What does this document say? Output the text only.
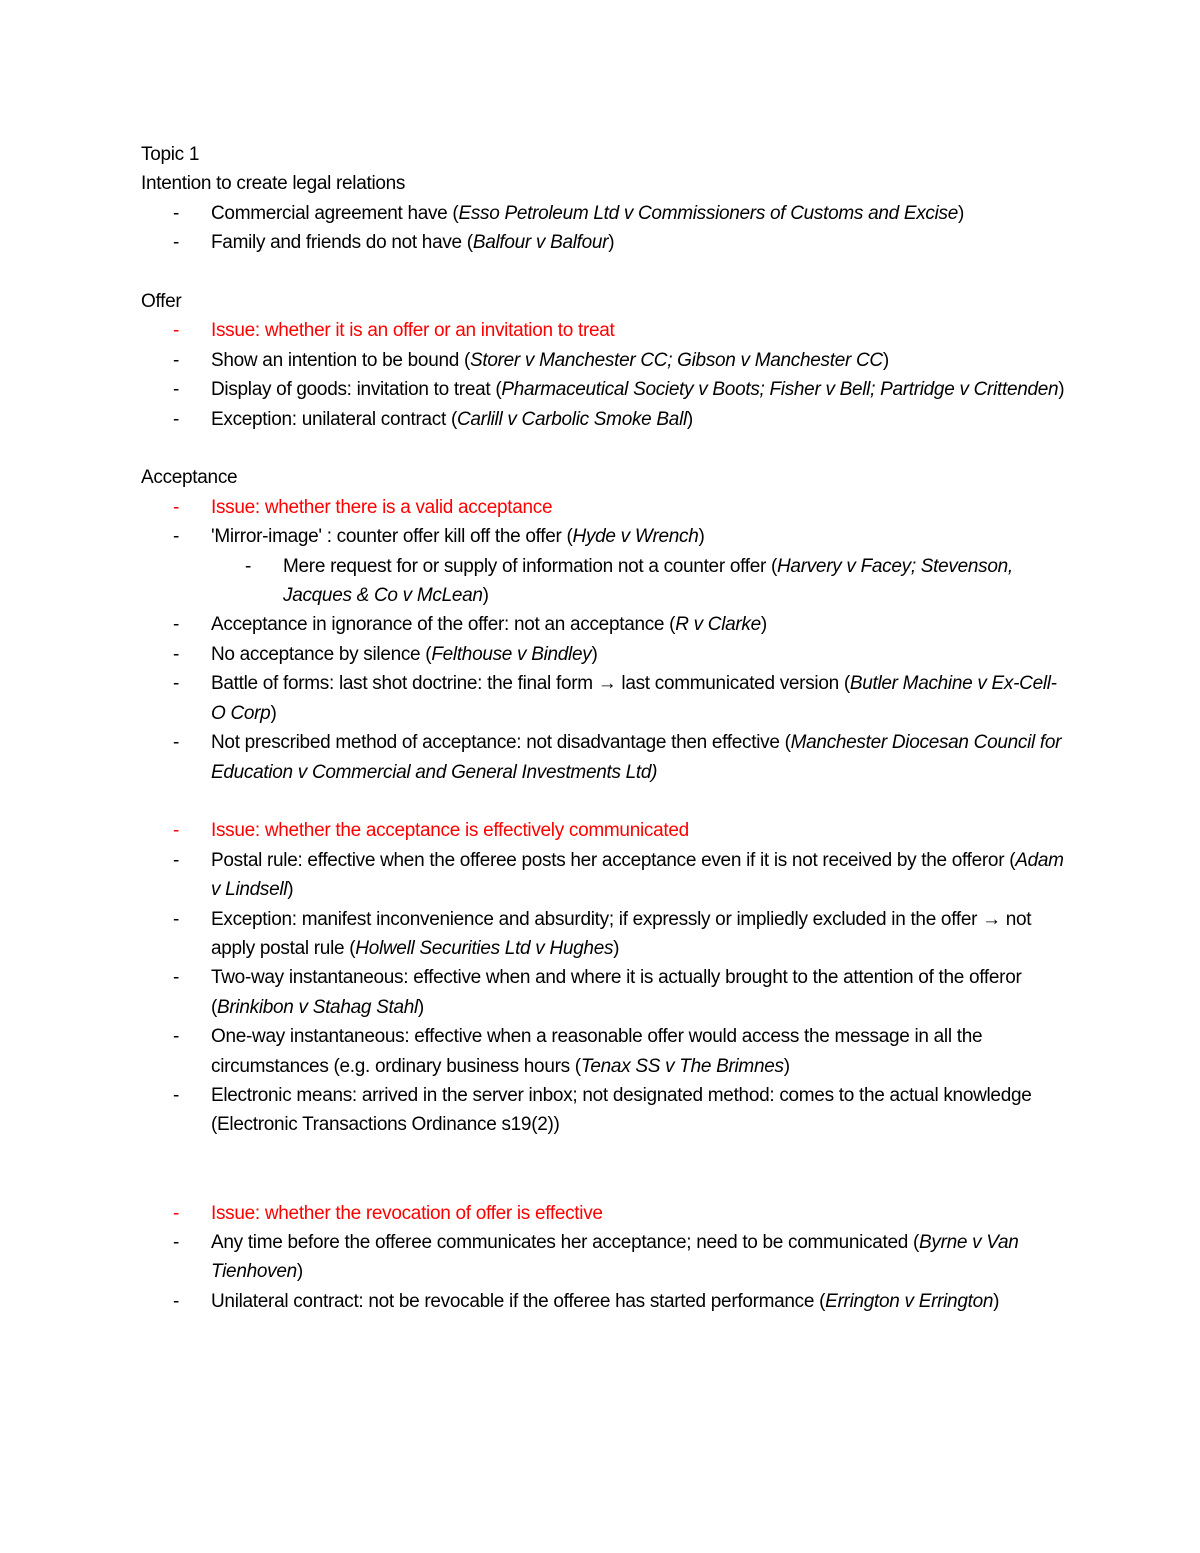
Topic 1

Intention to create legal relations

- Commercial agreement have (Esso Petroleum Ltd v Commissioners of Customs and Excise)
- Family and friends do not have (Balfour v Balfour)

Offer

- Issue: whether it is an offer or an invitation to treat
- Show an intention to be bound (Storer v Manchester CC; Gibson v Manchester CC)
- Display of goods: invitation to treat (Pharmaceutical Society v Boots; Fisher v Bell; Partridge v Crittenden)
- Exception: unilateral contract (Carlill v Carbolic Smoke Ball)

Acceptance

- Issue: whether there is a valid acceptance
- 'Mirror-image' : counter offer kill off the offer (Hyde v Wrench)
- Mere request for or supply of information not a counter offer (Harvery v Facey; Stevenson, Jacques & Co v McLean)
- Acceptance in ignorance of the offer: not an acceptance (R v Clarke)
- No acceptance by silence (Felthouse v Bindley)
- Battle of forms: last shot doctrine: the final form → last communicated version (Butler Machine v Ex-Cell-O Corp)
- Not prescribed method of acceptance: not disadvantage then effective (Manchester Diocesan Council for Education v Commercial and General Investments Ltd)
- Issue: whether the acceptance is effectively communicated
- Postal rule: effective when the offeree posts her acceptance even if it is not received by the offeror (Adam v Lindsell)
- Exception: manifest inconvenience and absurdity; if expressly or impliedly excluded in the offer → not apply postal rule (Holwell Securities Ltd v Hughes)
- Two-way instantaneous: effective when and where it is actually brought to the attention of the offeror (Brinkibon v Stahag Stahl)
- One-way instantaneous: effective when a reasonable offer would access the message in all the circumstances (e.g. ordinary business hours (Tenax SS v The Brimnes)
- Electronic means: arrived in the server inbox; not designated method: comes to the actual knowledge (Electronic Transactions Ordinance s19(2))
- Issue: whether the revocation of offer is effective
- Any time before the offeree communicates her acceptance; need to be communicated (Byrne v Van Tienhoven)
- Unilateral contract: not be revocable if the offeree has started performance (Errington v Errington)
